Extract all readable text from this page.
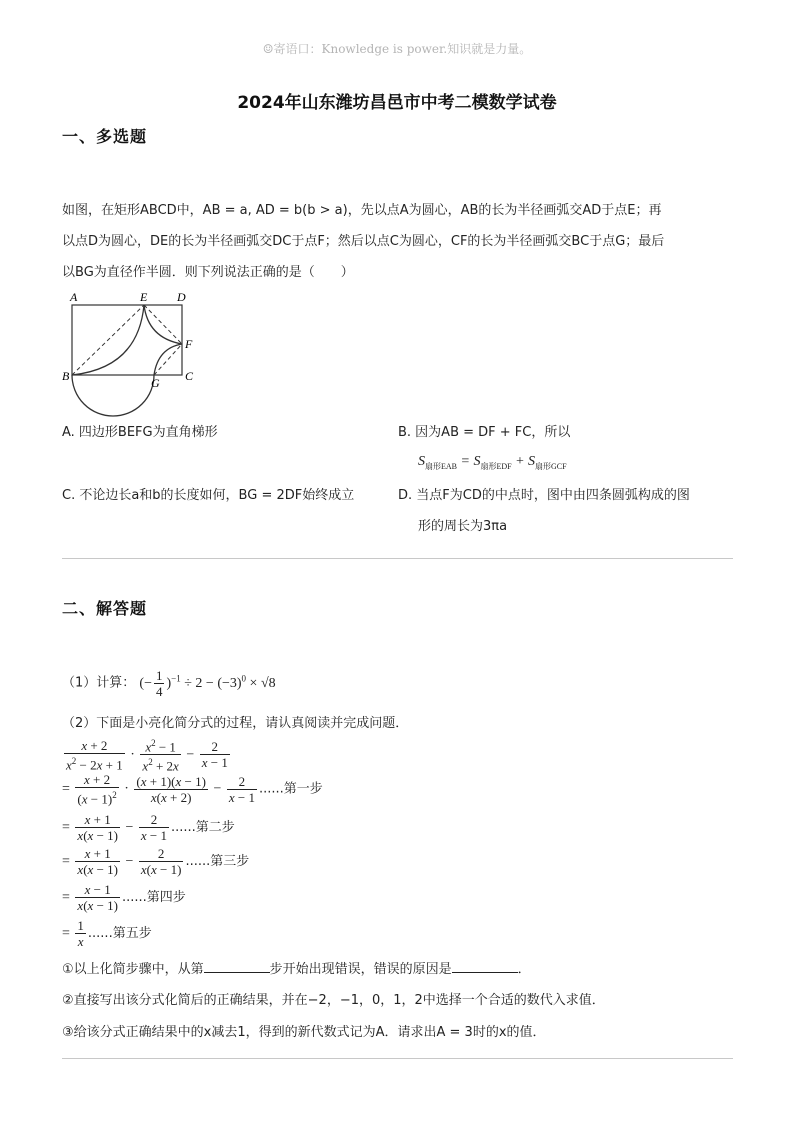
☺寄语口：Knowledge is power.知识就是力量。
2024年山东潍坊昌邑市中考二模数学试卷
一、多选题
如图，在矩形ABCD中，AB = a, AD = b(b > a)，先以点A为圆心，AB的长为半径画弧交AD于点E；再
以点D为圆心，DE的长为半径画弧交DC于点F；然后以点C为圆心，CF的长为半径画弧交BC于点G；最后
以BG为直径作半圆．则下列说法正确的是（　　）
A	E D
F
B	G C
A. 四边形BEFG为直角梯形	B. 因为AB = DF + FC，所以
$S_{扇形EAB} = S_{扇形EDF} + S_{扇形GCF}$
C. 不论边长a和b的长度如何，BG = 2DF始终成立	D. 当点F为CD的中点时，图中由四条圆弧构成的图
形的周长为3πa
二、解答题
（1）计算： (− $\frac{1}{4} )^{-1} \div 2 - (-3)^0 \times √8$
（2）下面是小亮化简分式的过程，请认真阅读并完成问题．
$\frac{x + 2}{x^2 - 2x + 1} \cdot \frac{x^2 - 1}{x^2 + 2x} - \frac{2}{x - 1}$
= $\frac{x + 2}{(x - 1)^2} \cdot \frac{(x + 1)(x - 1)}{x(x + 2)} - \frac{2}{x - 1}$ ......第一步
= $\frac{x + 1}{x(x - 1)} - \frac{2}{x - 1}$ ......第二步
= $\frac{x + 1}{x(x - 1)} - \frac{2}{x(x - 1)}$ ......第三步
= $\frac{x - 1}{x(x - 1)}$ ......第四步
= $\frac{1}{x}$ ......第五步
①以上化简步骤中，从第	步开始出现错误，错误的原因是	．
②直接写出该分式化简后的正确结果，并在−2，−1，0，1，2中选择一个合适的数代入求值．
③给该分式正确结果中的x减去1，得到的新代数式记为A．请求出A = 3时的x的值．
